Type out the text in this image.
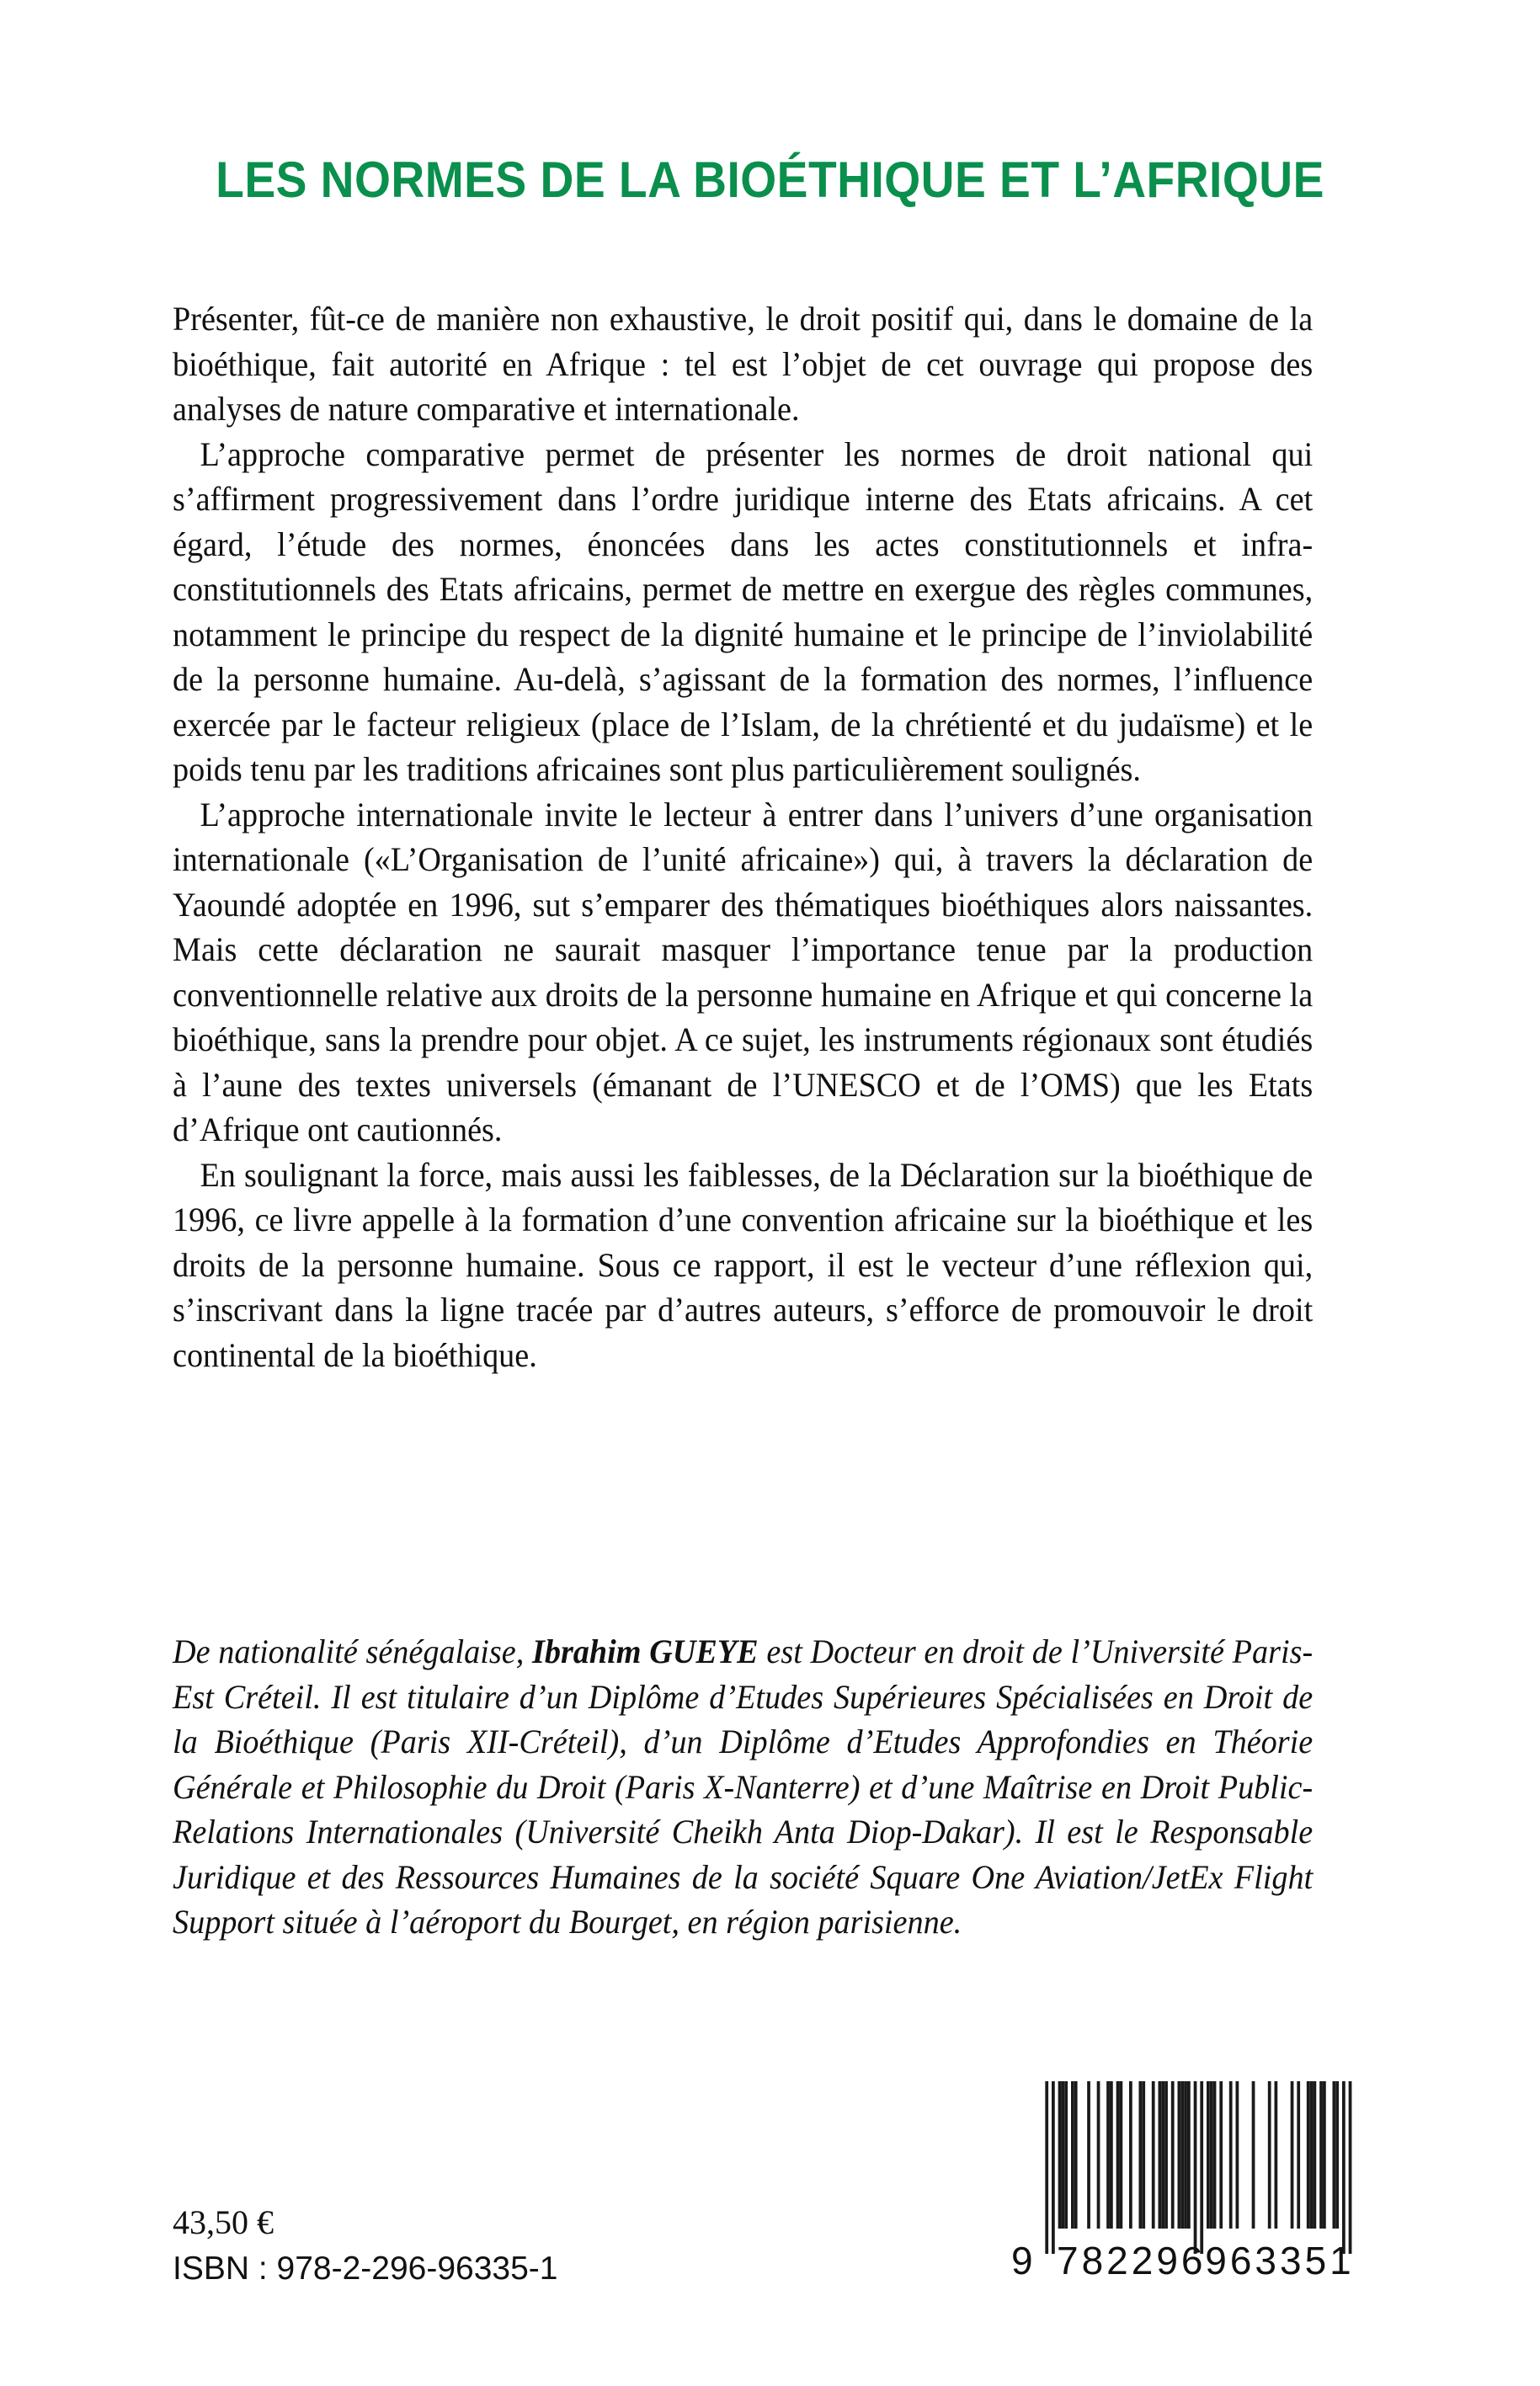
LES NORMES DE LA BIOÉTHIQUE ET L’AFRIQUE

Présenter, fût-ce de manière non exhaustive, le droit positif qui, dans le domaine de la bioéthique, fait autorité en Afrique : tel est l’objet de cet ouvrage qui propose des analyses de nature comparative et internationale.

L’approche comparative permet de présenter les normes de droit national qui s’affirment progressivement dans l’ordre juridique interne des Etats africains. A cet égard, l’étude des normes, énoncées dans les actes constitutionnels et infra-constitutionnels des Etats africains, permet de mettre en exergue des règles communes, notamment le principe du respect de la dignité humaine et le principe de l’inviolabilité de la personne humaine. Au-delà, s’agissant de la formation des normes, l’influence exercée par le facteur religieux (place de l’Islam, de la chrétienté et du judaïsme) et le poids tenu par les traditions africaines sont plus particulièrement soulignés.

L’approche internationale invite le lecteur à entrer dans l’univers d’une organisation internationale («L’Organisation de l’unité africaine») qui, à travers la déclaration de Yaoundé adoptée en 1996, sut s’emparer des thématiques bioéthiques alors naissantes. Mais cette déclaration ne saurait masquer l’importance tenue par la production conventionnelle relative aux droits de la personne humaine en Afrique et qui concerne la bioéthique, sans la prendre pour objet. A ce sujet, les instruments régionaux sont étudiés à l’aune des textes universels (émanant de l’UNESCO et de l’OMS) que les Etats d’Afrique ont cautionnés.

En soulignant la force, mais aussi les faiblesses, de la Déclaration sur la bioéthique de 1996, ce livre appelle à la formation d’une convention africaine sur la bioéthique et les droits de la personne humaine. Sous ce rapport, il est le vecteur d’une réflexion qui, s’inscrivant dans la ligne tracée par d’autres auteurs, s’efforce de promouvoir le droit continental de la bioéthique.

De nationalité sénégalaise, Ibrahim GUEYE est Docteur en droit de l’Université Paris-Est Créteil. Il est titulaire d’un Diplôme d’Etudes Supérieures Spécialisées en Droit de la Bioéthique (Paris XII-Créteil), d’un Diplôme d’Etudes Approfondies en Théorie Générale et Philosophie du Droit (Paris X-Nanterre) et d’une Maîtrise en Droit Public-Relations Internationales (Université Cheikh Anta Diop-Dakar). Il est le Responsable Juridique et des Ressources Humaines de la société Square One Aviation/JetEx Flight Support située à l’aéroport du Bourget, en région parisienne.
43,50 €
ISBN : 978-2-296-96335-1	9 782296
963351
